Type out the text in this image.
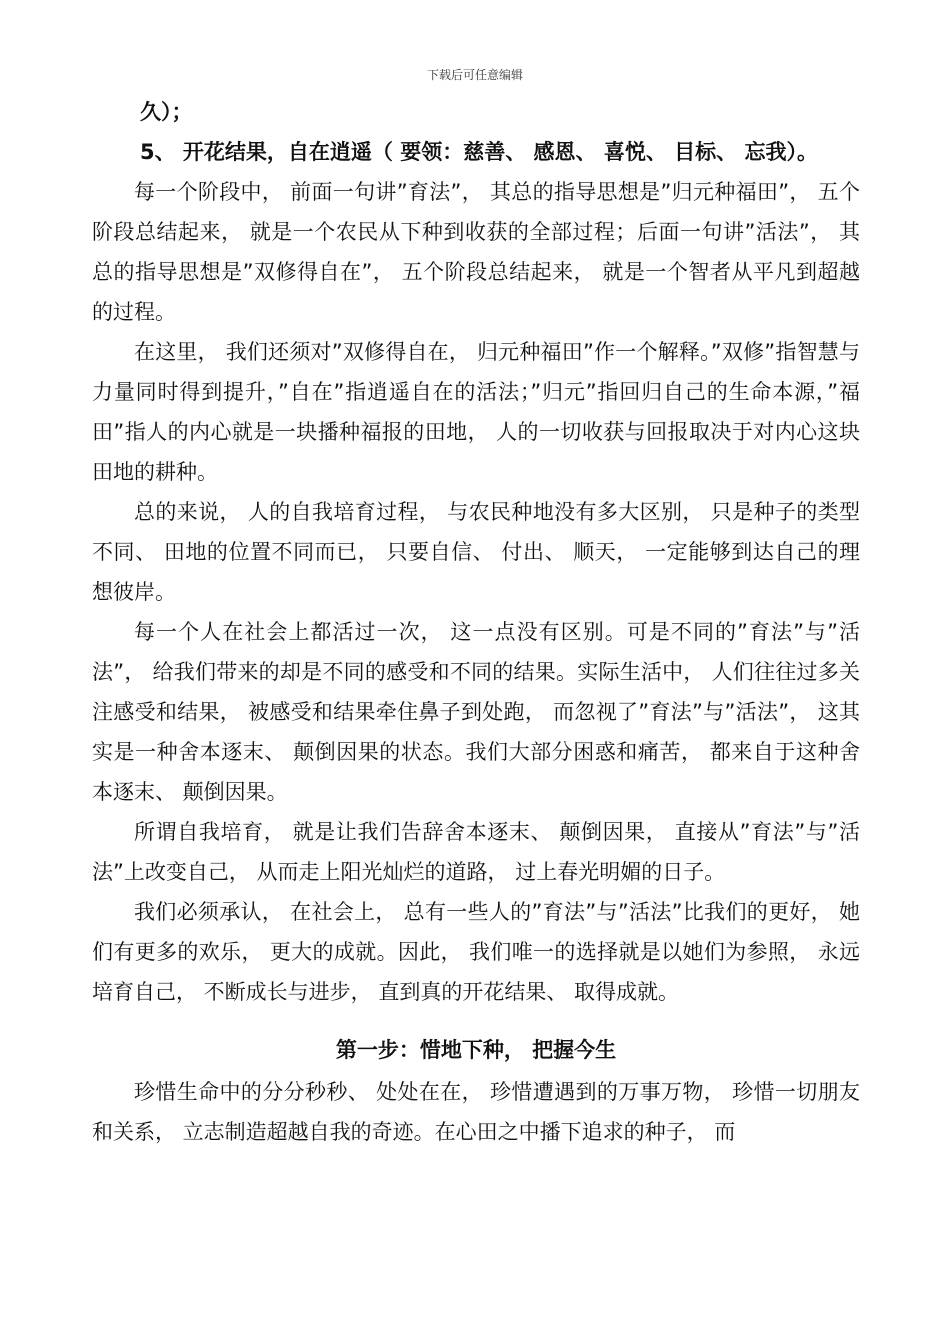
下载后可任意编辑

久）；

5、 开花结果，自在逍遥（ 要领：慈善、 感恩、 喜悦、 目标、 忘我）。

每一个阶段中， 前面一句讲”育法”， 其总的指导思想是”归元种福田”， 五个阶段总结起来， 就是一个农民从下种到收获的全部过程；后面一句讲”活法”， 其总的指导思想是”双修得自在”， 五个阶段总结起来， 就是一个智者从平凡到超越的过程。

在这里， 我们还须对”双修得自在， 归元种福田”作一个解释。”双修”指智慧与力量同时得到提升，”自在”指逍遥自在的活法；”归元”指回归自己的生命本源，”福田”指人的内心就是一块播种福报的田地， 人的一切收获与回报取决于对内心这块田地的耕种。

总的来说， 人的自我培育过程， 与农民种地没有多大区别， 只是种子的类型不同、 田地的位置不同而已， 只要自信、 付出、 顺天， 一定能够到达自己的理想彼岸。

每一个人在社会上都活过一次， 这一点没有区别。可是不同的”育法”与”活法”， 给我们带来的却是不同的感受和不同的结果。实际生活中， 人们往往过多关注感受和结果， 被感受和结果牵住鼻子到处跑， 而忽视了”育法”与”活法”， 这其实是一种舍本逐末、 颠倒因果的状态。我们大部分困惑和痛苦， 都来自于这种舍本逐末、 颠倒因果。

所谓自我培育， 就是让我们告辞舍本逐末、 颠倒因果， 直接从”育法”与”活法”上改变自己， 从而走上阳光灿烂的道路， 过上春光明媚的日子。

我们必须承认， 在社会上， 总有一些人的”育法”与”活法”比我们的更好， 她们有更多的欢乐， 更大的成就。因此， 我们唯一的选择就是以她们为参照， 永远培育自己， 不断成长与进步， 直到真的开花结果、 取得成就。

第一步：惜地下种， 把握今生

珍惜生命中的分分秒秒、 处处在在， 珍惜遭遇到的万事万物， 珍惜一切朋友和关系， 立志制造超越自我的奇迹。在心田之中播下追求的种子， 而
